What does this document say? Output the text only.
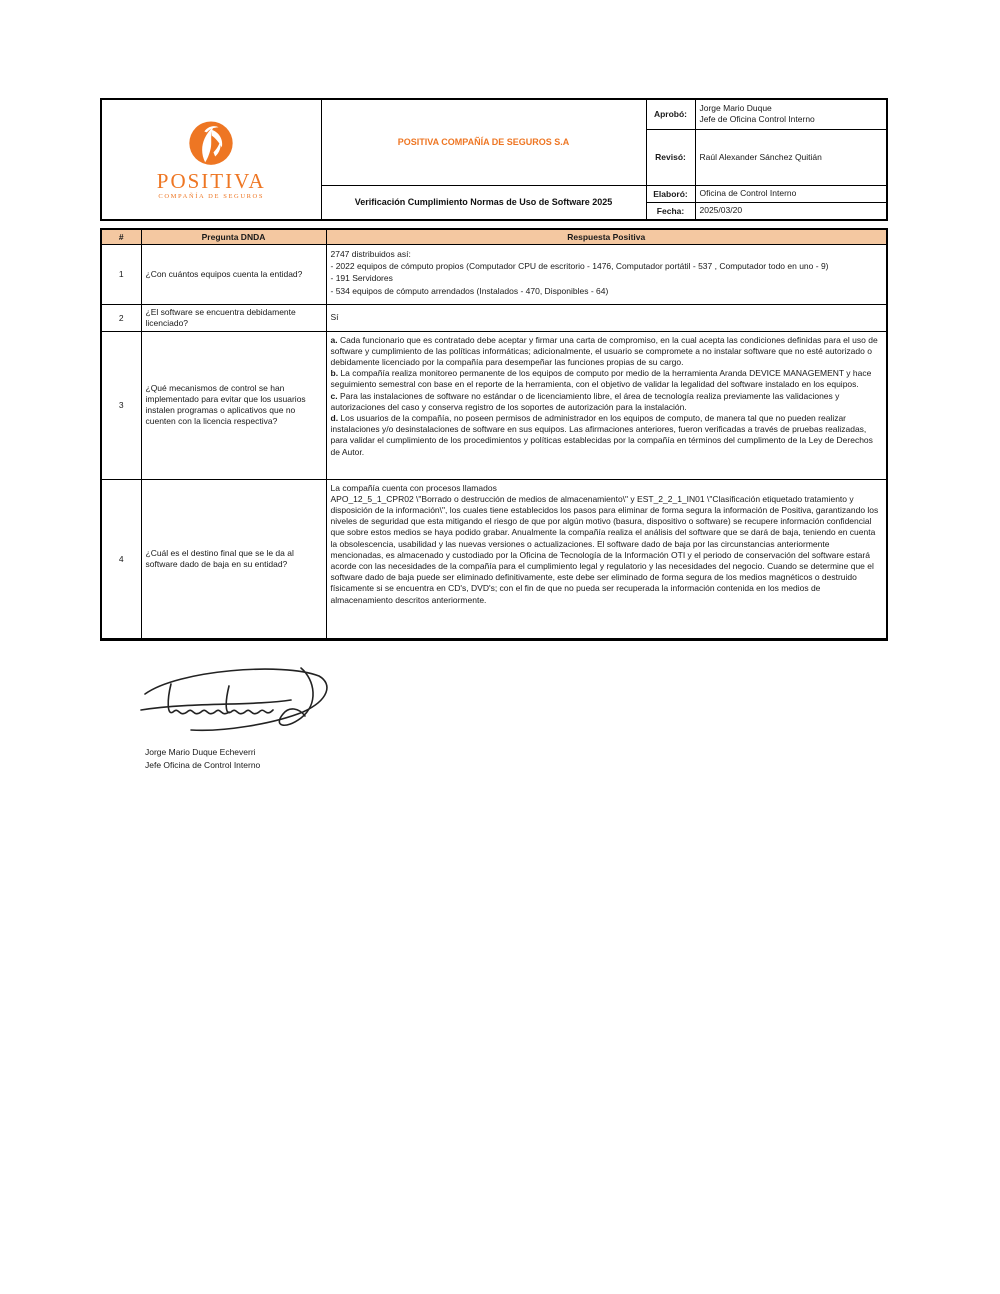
POSITIVA
COMPAÑÍA DE SEGUROS
	POSITIVA COMPAÑÍA DE SEGUROS S.A	Aprobó:	
Jorge Mario Duque
Jefe de Oficina Control Interno

		Revisó:	Raúl Alexander Sánchez Quitián
	Verificación Cumplimiento Normas de Uso de Software 2025	Elaboró:	Oficina de Control Interno
		Fecha:	2025/03/20
#	Pregunta DNDA	Respuesta Positiva
1	¿Con cuántos equipos cuenta la entidad?	2747 distribuidos así:
- 2022 equipos de cómputo propios (Computador CPU de escritorio - 1476, Computador portátil - 537 , Computador todo en uno - 9)
- 191 Servidores
- 534 equipos de cómputo arrendados (Instalados - 470, Disponibles - 64)

2	¿El software se encuentra debidamente licenciado?	Sí
3	¿Qué mecanismos de control se han implementado para evitar que los usuarios instalen programas o aplicativos que no cuenten con la licencia respectiva?	a. Cada funcionario que es contratado debe aceptar y firmar una carta de compromiso, en la cual acepta las condiciones definidas para el uso de software y cumplimiento de las políticas informáticas; adicionalmente, el usuario se compromete a no instalar software que no esté autorizado o debidamente licenciado por la compañía para desempeñar las funciones propias de su cargo.

b. La compañía realiza monitoreo permanente de los equipos de computo por medio de la herramienta Aranda DEVICE MANAGEMENT y hace seguimiento semestral con base en el reporte de la herramienta, con el objetivo de validar la legalidad del software instalado en los equipos.

c. Para las instalaciones de software no estándar o de licenciamiento libre, el área de tecnología realiza previamente las validaciones y autorizaciones del caso y conserva registro de los soportes de autorización para la instalación.

d. Los usuarios de la compañía, no poseen permisos de administrador en los equipos de computo, de manera tal que no pueden realizar instalaciones y/o desinstalaciones de software en sus equipos. Las afirmaciones anteriores, fueron verificadas a través de pruebas realizadas, para validar el cumplimiento de los procedimientos y políticas establecidas por la compañía en términos del cumplimento de la Ley de Derechos de Autor.

4	¿Cuál es el destino final que se le da al software dado de baja en su entidad?	La compañía cuenta con procesos llamados
APO_12_5_1_CPR02 \"Borrado o destrucción de medios de almacenamiento\" y EST_2_2_1_IN01 \"Clasificación etiquetado tratamiento y disposición de la información\", los cuales tiene establecidos los pasos para eliminar de forma segura la información de Positiva, garantizando los niveles de seguridad que esta mitigando el riesgo de que por algún motivo (basura, dispositivo o software) se recupere información confidencial que sobre estos medios se haya podido grabar. Anualmente la compañía realiza el análisis del software que se dará de baja, teniendo en cuenta la obsolescencia, usabilidad y las nuevas versiones o actualizaciones. El software dado de baja por las circunstancias anteriormente mencionadas, es almacenado y custodiado por la Oficina de Tecnología de la Información OTI y el periodo de conservación del software estará acorde con las necesidades de la compañía para el cumplimiento legal y regulatorio y las necesidades del negocio. Cuando se determine que el software dado de baja puede ser eliminado definitivamente, este debe ser eliminado de forma segura de los medios magnéticos o destruido físicamente si se encuentra en CD's, DVD's; con el fin de que no pueda ser recuperada la información contenida en los medios de almacenamiento descritos anteriormente.
Jorge Mario Duque Echeverri
Jefe Oficina de Control Interno
